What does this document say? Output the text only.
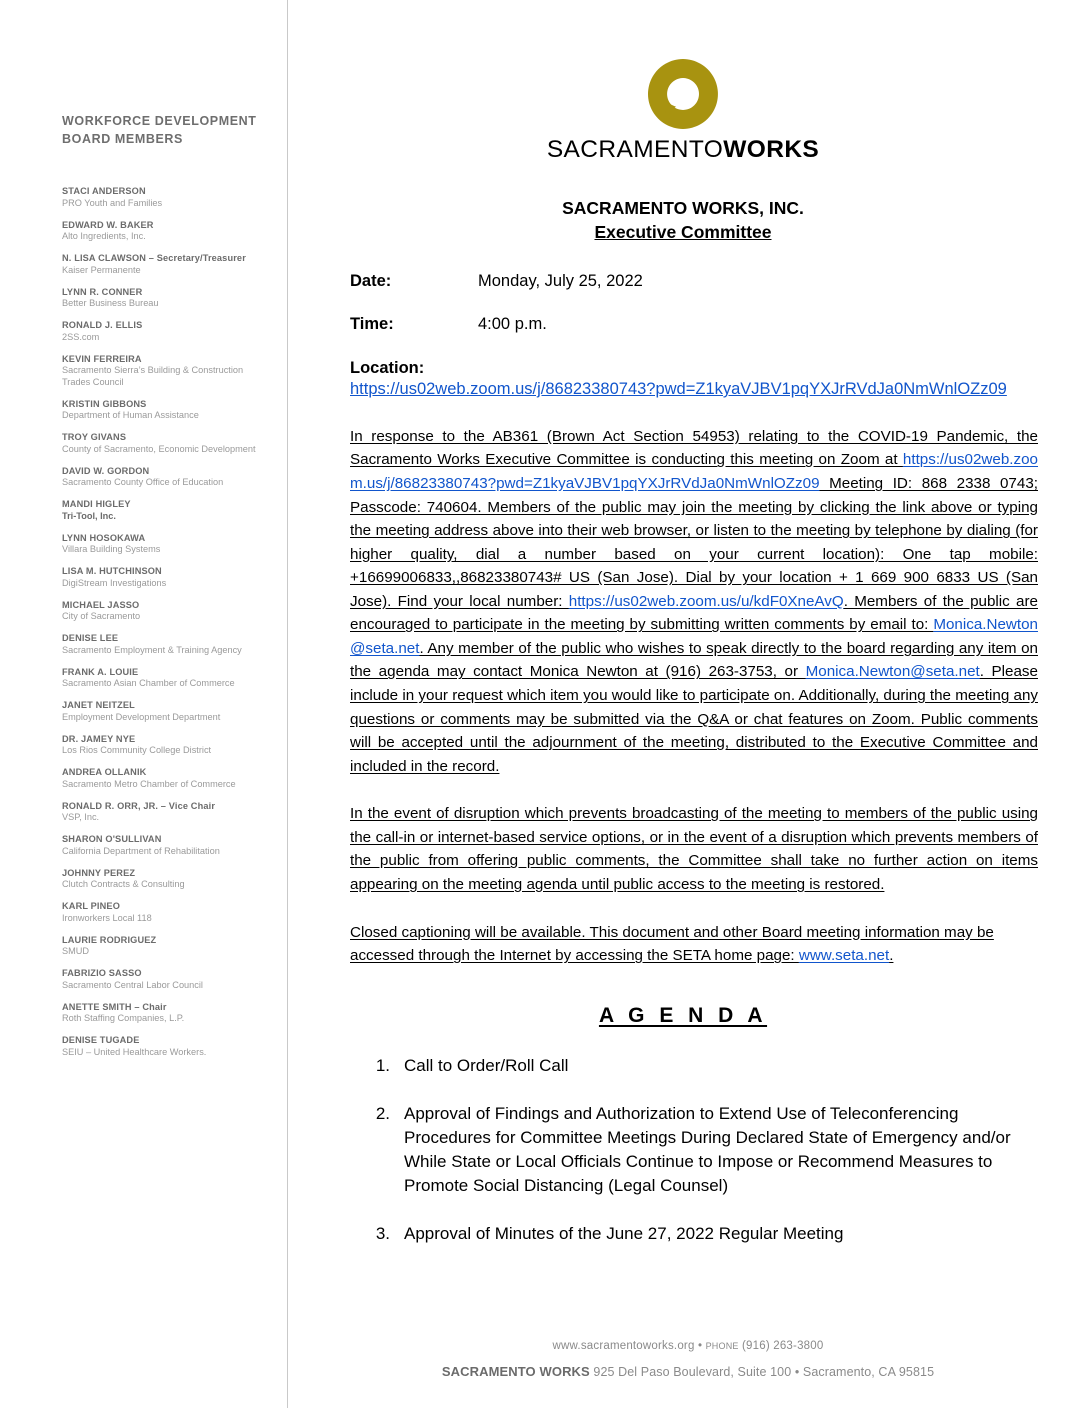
WORKFORCE DEVELOPMENT BOARD MEMBERS
STACI ANDERSON
PRO Youth and Families
EDWARD W. BAKER
Alto Ingredients, Inc.
N. LISA CLAWSON – Secretary/Treasurer
Kaiser Permanente
LYNN R. CONNER
Better Business Bureau
RONALD J. ELLIS
2SS.com
KEVIN FERREIRA
Sacramento Sierra’s Building & Construction Trades Council
KRISTIN GIBBONS
Department of Human Assistance
TROY GIVANS
County of Sacramento, Economic Development
DAVID W. GORDON
Sacramento County Office of Education
MANDI HIGLEY
Tri-Tool, Inc.
LYNN HOSOKAWA
Villara Building Systems
LISA M. HUTCHINSON
DigiStream Investigations
MICHAEL JASSO
City of Sacramento
DENISE LEE
Sacramento Employment & Training Agency
FRANK A. LOUIE
Sacramento Asian Chamber of Commerce
JANET NEITZEL
Employment Development Department
DR. JAMEY NYE
Los Rios Community College District
ANDREA OLLANIK
Sacramento Metro Chamber of Commerce
RONALD R. ORR, JR. – Vice Chair
VSP, Inc.
SHARON O'SULLIVAN
California Department of Rehabilitation
JOHNNY PEREZ
Clutch Contracts & Consulting
KARL PINEO
Ironworkers Local 118
LAURIE RODRIGUEZ
SMUD
FABRIZIO SASSO
Sacramento Central Labor Council
ANETTE SMITH – Chair
Roth Staffing Companies, L.P.
DENISE TUGADE
SEIU – United Healthcare Workers.
SACRAMENTOWORKS
SACRAMENTO WORKS, INC.
Executive Committee
Date:	Monday, July 25, 2022
Time:	4:00 p.m.
Location:
https://us02web.zoom.us/j/86823380743?pwd=Z1kyaVJBV1pqYXJrRVdJa0NmWnlOZz09

In response to the AB361 (Brown Act Section 54953) relating to the COVID-19 Pandemic, the Sacramento Works Executive Committee is conducting this meeting on Zoom at https://us02web.zoom.us/j/86823380743?pwd=Z1kyaVJBV1pqYXJrRVdJa0NmWnlOZz09 Meeting ID: 868 2338 0743; Passcode: 740604. Members of the public may join the meeting by clicking the link above or typing the meeting address above into their web browser, or listen to the meeting by telephone by dialing (for higher quality, dial a number based on your current location): One tap mobile: +16699006833,,86823380743# US (San Jose). Dial by your location + 1 669 900 6833 US (San Jose). Find your local number: https://us02web.zoom.us/u/kdF0XneAvQ. Members of the public are encouraged to participate in the meeting by submitting written comments by email to: Monica.Newton@seta.net. Any member of the public who wishes to speak directly to the board regarding any item on the agenda may contact Monica Newton at (916) 263-3753, or Monica.Newton@seta.net. Please include in your request which item you would like to participate on. Additionally, during the meeting any questions or comments may be submitted via the Q&A or chat features on Zoom. Public comments will be accepted until the adjournment of the meeting, distributed to the Executive Committee and included in the record.

In the event of disruption which prevents broadcasting of the meeting to members of the public using the call-in or internet-based service options, or in the event of a disruption which prevents members of the public from offering public comments, the Committee shall take no further action on items appearing on the meeting agenda until public access to the meeting is restored.

Closed captioning will be available. This document and other Board meeting information may be accessed through the Internet by accessing the SETA home page: www.seta.net.

A G E N D A
1. Call to Order/Roll Call
2. Approval of Findings and Authorization to Extend Use of Teleconferencing Procedures for Committee Meetings During Declared State of Emergency and/or While State or Local Officials Continue to Impose or Recommend Measures to Promote Social Distancing (Legal Counsel)
3. Approval of Minutes of the June 27, 2022 Regular Meeting
www.sacramentoworks.org • PHONE (916) 263-3800
SACRAMENTO WORKS 925 Del Paso Boulevard, Suite 100 • Sacramento, CA 95815
